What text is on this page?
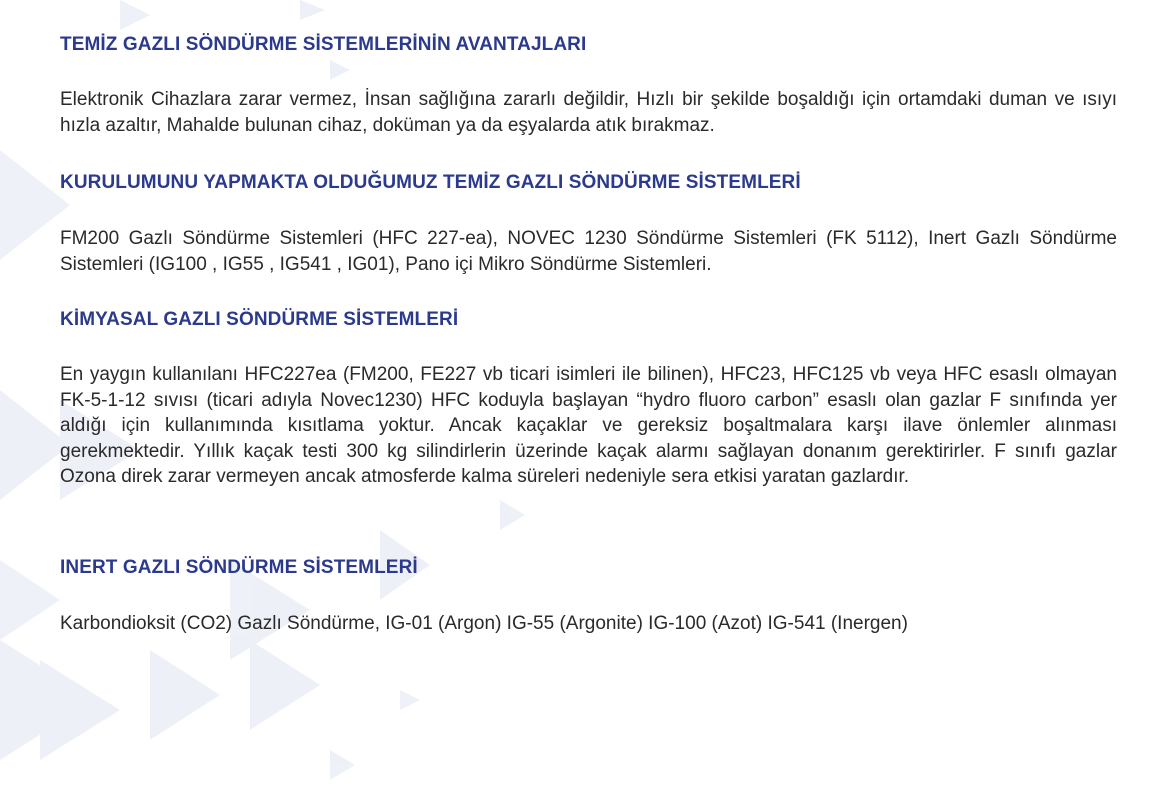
TEMİZ GAZLI SÖNDÜRME SİSTEMLERİNİN AVANTAJLARI

Elektronik Cihazlara zarar vermez, İnsan sağlığına zararlı değildir, Hızlı bir şekilde boşaldığı için ortamdaki duman ve ısıyı hızla azaltır, Mahalde bulunan cihaz, doküman ya da eşyalarda atık bırakmaz.

KURULUMUNU YAPMAKTA OLDUĞUMUZ TEMİZ GAZLI SÖNDÜRME SİSTEMLERİ

FM200 Gazlı Söndürme Sistemleri (HFC 227-ea), NOVEC 1230 Söndürme Sistemleri (FK 5112), Inert Gazlı Söndürme Sistemleri (IG100 , IG55 , IG541 , IG01), Pano içi Mikro Söndürme Sistemleri.

KİMYASAL GAZLI SÖNDÜRME SİSTEMLERİ

En yaygın kullanılanı HFC227ea (FM200, FE227 vb ticari isimleri ile bilinen), HFC23, HFC125 vb veya HFC esaslı olmayan FK-5-1-12 sıvısı (ticari adıyla Novec1230) HFC koduyla başlayan “hydro fluoro carbon” esaslı olan gazlar F sınıfında yer aldığı için kullanımında kısıtlama yoktur. Ancak kaçaklar ve gereksiz boşaltmalara karşı ilave önlemler alınması gerekmektedir. Yıllık kaçak testi 300 kg silindirlerin üzerinde kaçak alarmı sağlayan donanım gerektirirler. F sınıfı gazlar Ozona direk zarar vermeyen ancak atmosferde kalma süreleri nedeniyle sera etkisi yaratan gazlardır.

INERT GAZLI SÖNDÜRME SİSTEMLERİ

Karbondioksit (CO2) Gazlı Söndürme, IG-01 (Argon) IG-55 (Argonite) IG-100 (Azot) IG-541 (Inergen)
